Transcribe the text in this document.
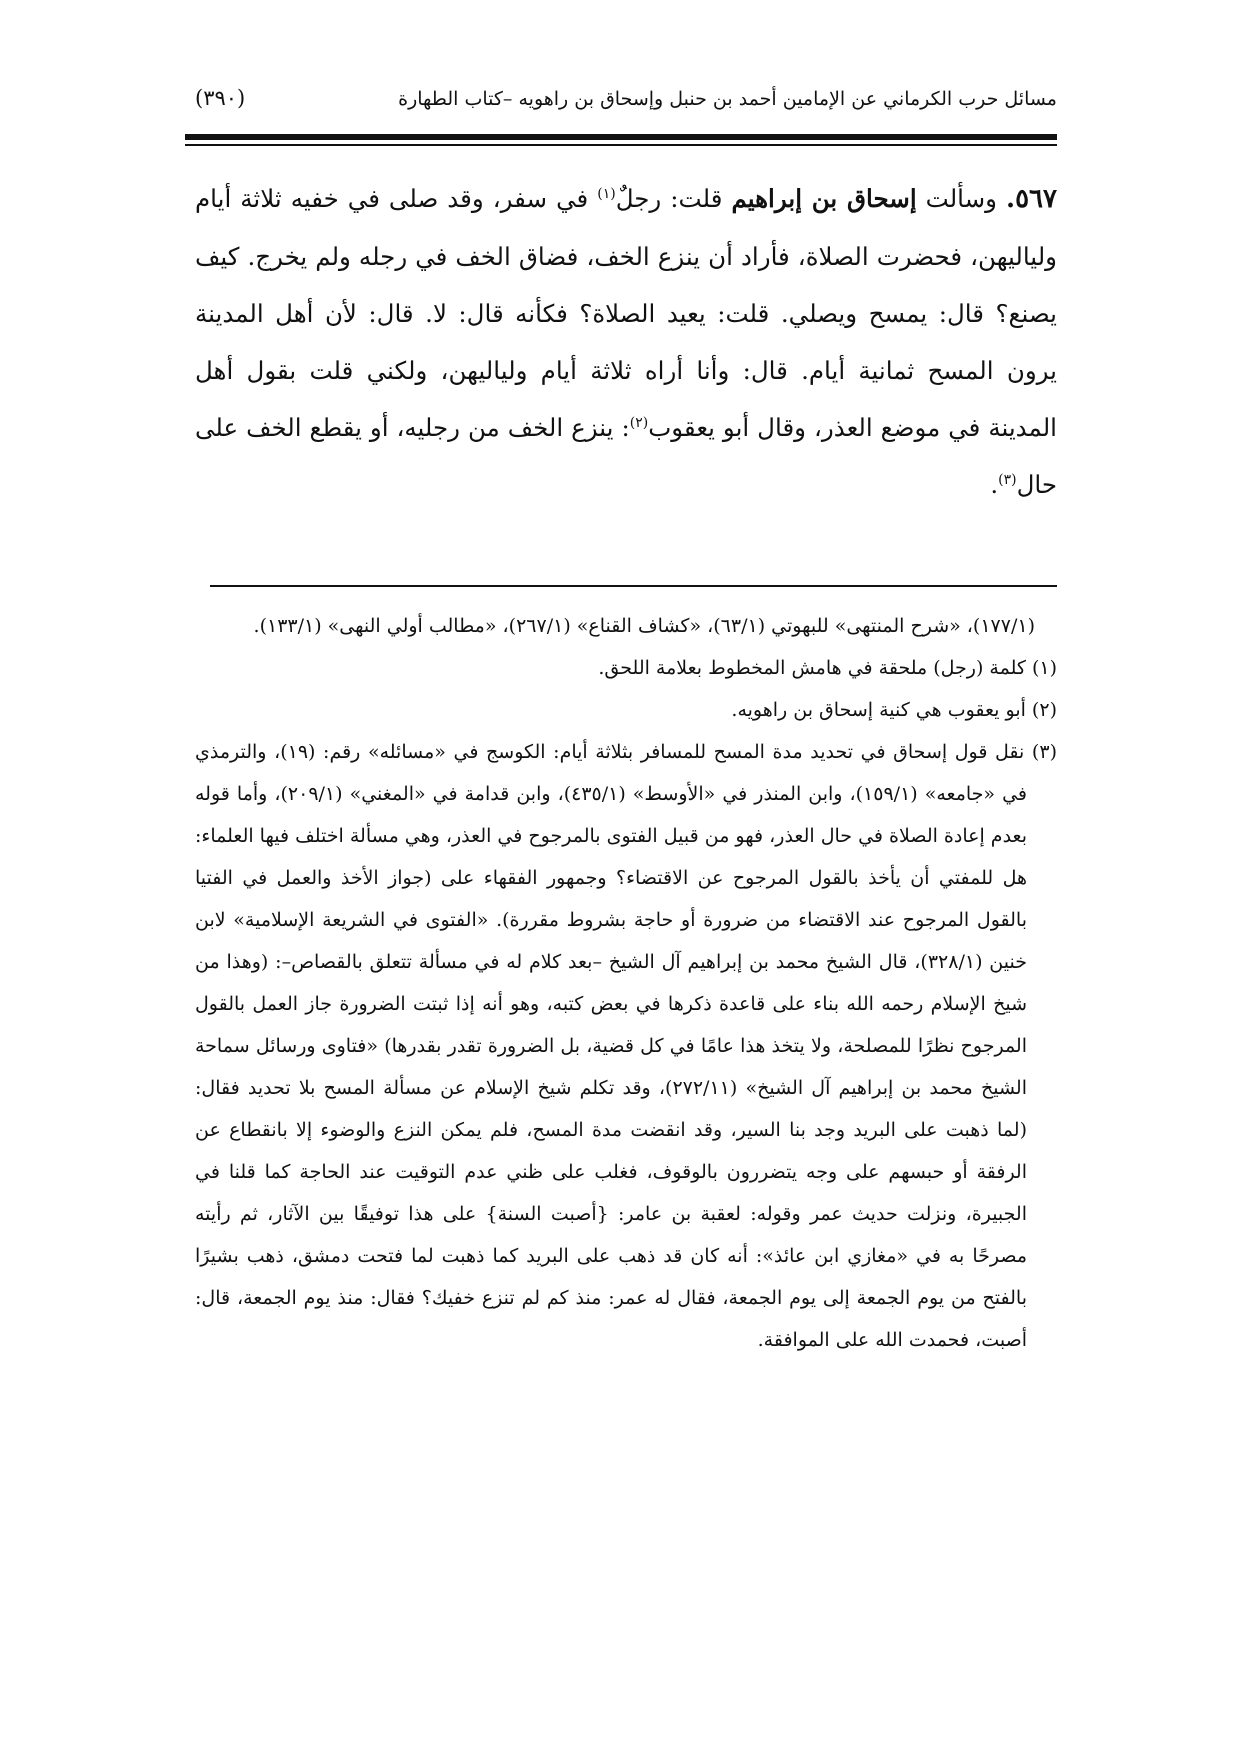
مسائل حرب الكرماني عن الإمامين أحمد بن حنبل وإسحاق بن راهويه –كتاب الطهارة
(٣٩٠)
٥٦٧. وسألت إسحاق بن إبراهيم قلت: رجلٌ$^{(١)}$ في سفر، وقد صلى في خفيه ثلاثة أيام ولياليهن، فحضرت الصلاة، فأراد أن ينزع الخف، فضاق الخف في رجله ولم يخرج. كيف يصنع؟ قال: يمسح ويصلي. قلت: يعيد الصلاة؟ فكأنه قال: لا. قال: لأن أهل المدينة يرون المسح ثمانية أيام. قال: وأنا أراه ثلاثة أيام ولياليهن، ولكني قلت بقول أهل المدينة في موضع العذر، وقال أبو يعقوب$^{(٢)}$: ينزع الخف من رجليه، أو يقطع الخف على حال$^{(٣)}$.

(١٧٧/١)، «شرح المنتهى» للبهوتي (٦٣/١)، «كشاف القناع» (٢٦٧/١)، «مطالب أولي النهى» (١٣٣/١).

(١) كلمة (رجل) ملحقة في هامش المخطوط بعلامة اللحق.

(٢) أبو يعقوب هي كنية إسحاق بن راهويه.

(٣) نقل قول إسحاق في تحديد مدة المسح للمسافر بثلاثة أيام: الكوسج في «مسائله» رقم: (١٩)، والترمذي في «جامعه» (١٥٩/١)، وابن المنذر في «الأوسط» (٤٣٥/١)، وابن قدامة في «المغني» (٢٠٩/١)، وأما قوله بعدم إعادة الصلاة في حال العذر، فهو من قبيل الفتوى بالمرجوح في العذر، وهي مسألة اختلف فيها العلماء: هل للمفتي أن يأخذ بالقول المرجوح عن الاقتضاء؟ وجمهور الفقهاء على (جواز الأخذ والعمل في الفتيا بالقول المرجوح عند الاقتضاء من ضرورة أو حاجة بشروط مقررة). «الفتوى في الشريعة الإسلامية» لابن خنين (٣٢٨/١)، قال الشيخ محمد بن إبراهيم آل الشيخ –بعد كلام له في مسألة تتعلق بالقصاص–: (وهذا من شيخ الإسلام رحمه الله بناء على قاعدة ذكرها في بعض كتبه، وهو أنه إذا ثبتت الضرورة جاز العمل بالقول المرجوح نظرًا للمصلحة، ولا يتخذ هذا عامًا في كل قضية، بل الضرورة تقدر بقدرها) «فتاوى ورسائل سماحة الشيخ محمد بن إبراهيم آل الشيخ» (٢٧٢/١١)، وقد تكلم شيخ الإسلام عن مسألة المسح بلا تحديد فقال: (لما ذهبت على البريد وجد بنا السير، وقد انقضت مدة المسح، فلم يمكن النزع والوضوء إلا بانقطاع عن الرفقة أو حبسهم على وجه يتضررون بالوقوف، فغلب على ظني عدم التوقيت عند الحاجة كما قلنا في الجبيرة، ونزلت حديث عمر وقوله: لعقبة بن عامر: {أصبت السنة} على هذا توفيقًا بين الآثار، ثم رأيته مصرحًا به في «مغازي ابن عائذ»: أنه كان قد ذهب على البريد كما ذهبت لما فتحت دمشق، ذهب بشيرًا بالفتح من يوم الجمعة إلى يوم الجمعة، فقال له عمر: منذ كم لم تنزع خفيك؟ فقال: منذ يوم الجمعة، قال: أصبت، فحمدت الله على الموافقة.
